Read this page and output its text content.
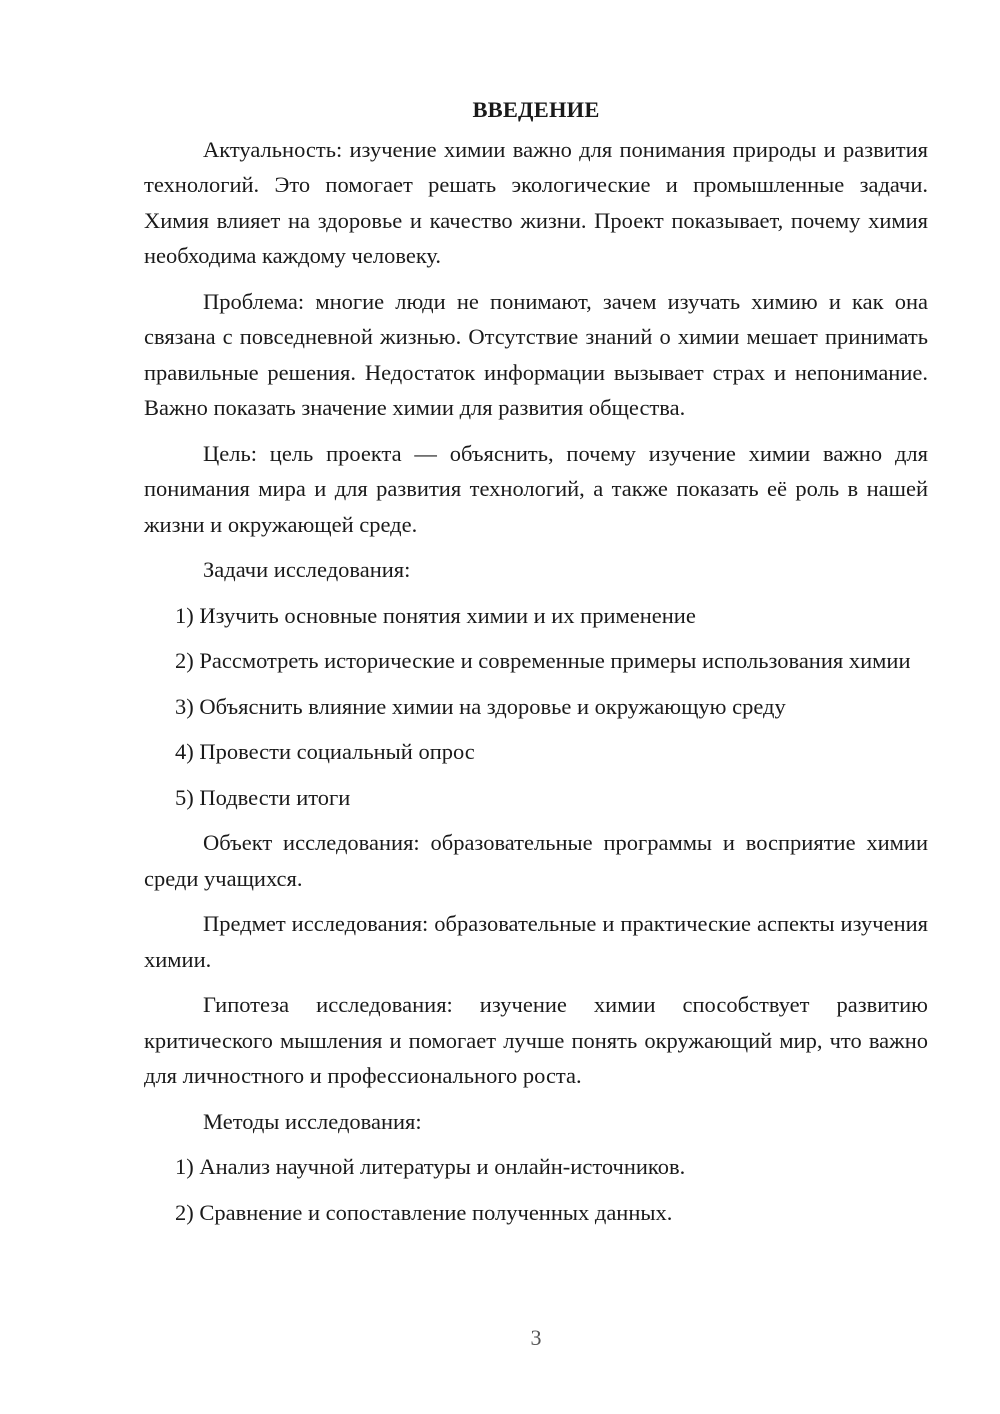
ВВЕДЕНИЕ

Актуальность: изучение химии важно для понимания природы и развития технологий. Это помогает решать экологические и промышленные задачи. Химия влияет на здоровье и качество жизни. Проект показывает, почему химия необходима каждому человеку.

Проблема: многие люди не понимают, зачем изучать химию и как она связана с повседневной жизнью. Отсутствие знаний о химии мешает принимать правильные решения. Недостаток информации вызывает страх и непонимание. Важно показать значение химии для развития общества.

Цель: цель проекта — объяснить, почему изучение химии важно для понимания мира и для развития технологий, а также показать её роль в нашей жизни и окружающей среде.

Задачи исследования:

1) Изучить основные понятия химии и их применение

2) Рассмотреть исторические и современные примеры использования химии

3) Объяснить влияние химии на здоровье и окружающую среду

4) Провести социальный опрос

5) Подвести итоги

Объект исследования: образовательные программы и восприятие химии среди учащихся.

Предмет исследования: образовательные и практические аспекты изучения химии.

Гипотеза исследования: изучение химии способствует развитию критического мышления и помогает лучше понять окружающий мир, что важно для личностного и профессионального роста.

Методы исследования:

1) Анализ научной литературы и онлайн-источников.

2) Сравнение и сопоставление полученных данных.

3
